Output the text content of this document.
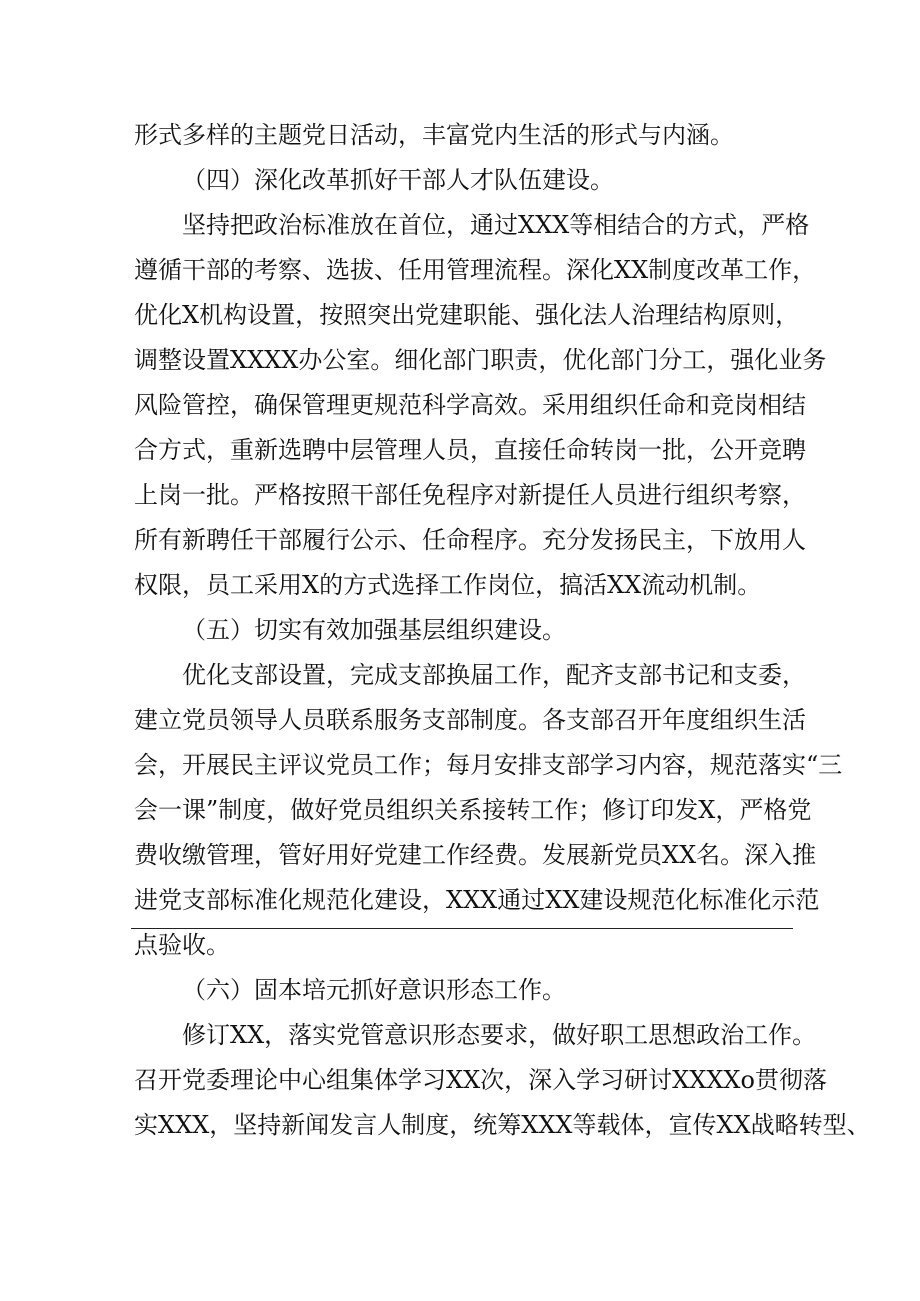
形式多样的主题党日活动，丰富党内生活的形式与内涵。
（四）深化改革抓好干部人才队伍建设。
坚持把政治标准放在首位，通过XXX等相结合的方式，严格
遵循干部的考察、选拔、任用管理流程。深化XX制度改革工作，
优化X机构设置，按照突出党建职能、强化法人治理结构原则，
调整设置XXXX办公室。细化部门职责，优化部门分工，强化业务
风险管控，确保管理更规范科学高效。采用组织任命和竞岗相结
合方式，重新选聘中层管理人员，直接任命转岗一批，公开竞聘
上岗一批。严格按照干部任免程序对新提任人员进行组织考察，
所有新聘任干部履行公示、任命程序。充分发扬民主，下放用人
权限，员工采用X的方式选择工作岗位，搞活XX流动机制。
（五）切实有效加强基层组织建设。
优化支部设置，完成支部换届工作，配齐支部书记和支委，
建立党员领导人员联系服务支部制度。各支部召开年度组织生活
会，开展民主评议党员工作；每月安排支部学习内容，规范落实“三
会一课”制度，做好党员组织关系接转工作；修订印发X，严格党
费收缴管理，管好用好党建工作经费。发展新党员XX名。深入推
进党支部标准化规范化建设，XXX通过XX建设规范化标准化示范
点验收。
（六）固本培元抓好意识形态工作。
修订XX，落实党管意识形态要求，做好职工思想政治工作。
召开党委理论中心组集体学习XX次，深入学习研讨XXXXo贯彻落
实XXX，坚持新闻发言人制度，统筹XXX等载体，宣传XX战略转型、
